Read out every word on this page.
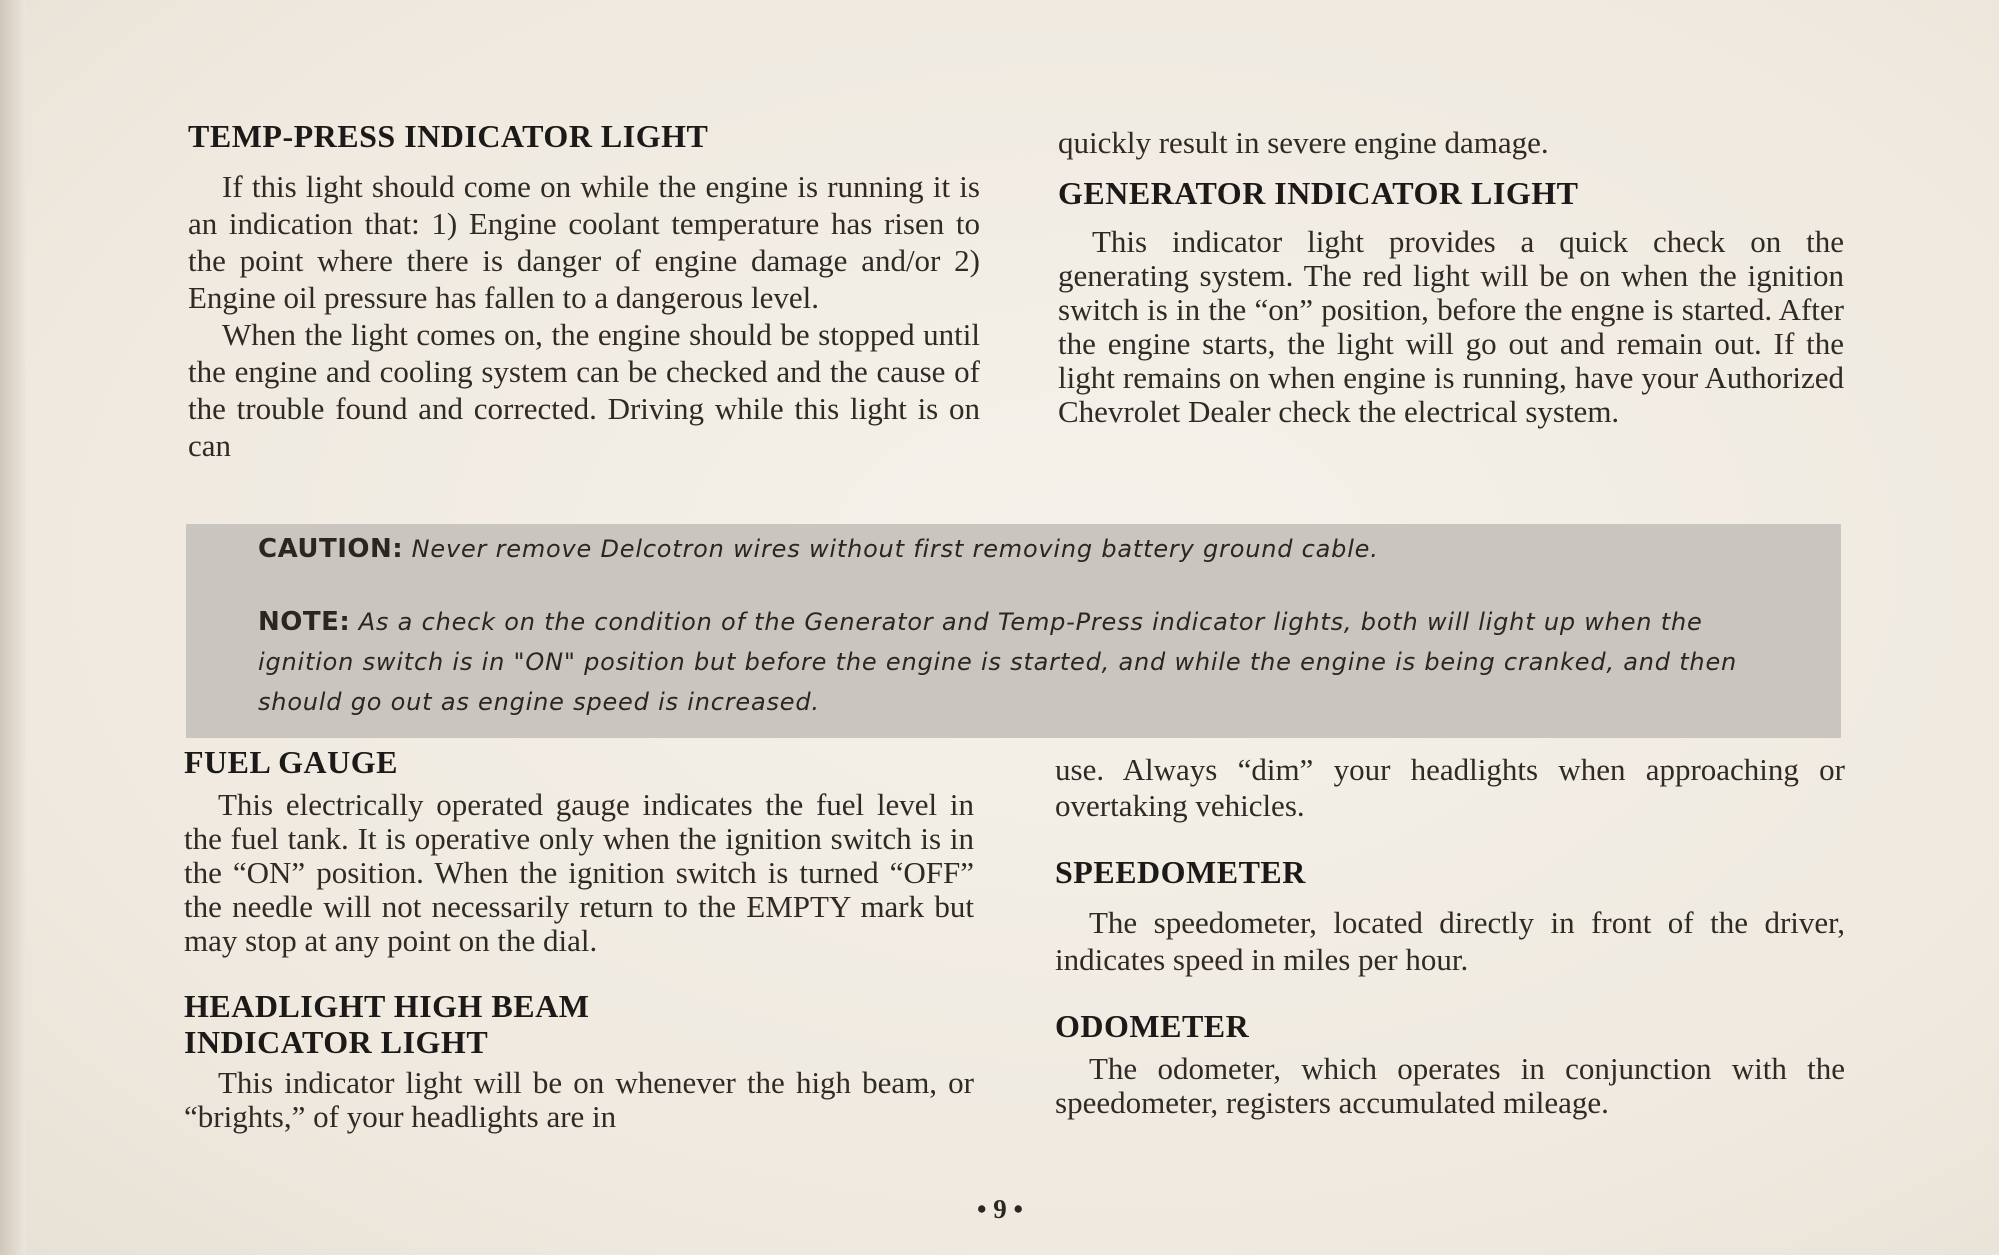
TEMP-PRESS INDICATOR LIGHT

If this light should come on while the engine is running it is an indication that: 1) Engine coolant temperature has risen to the point where there is danger of engine damage and/or 2) Engine oil pressure has fallen to a dangerous level.

When the light comes on, the engine should be stopped until the engine and cooling system can be checked and the cause of the trouble found and corrected. Driving while this light is on can

quickly result in severe engine damage.

GENERATOR INDICATOR LIGHT

This indicator light provides a quick check on the generating system. The red light will be on when the ignition switch is in the “on” position, before the engne is started. After the engine starts, the light will go out and remain out. If the light remains on when engine is running, have your Authorized Chevrolet Dealer check the electrical system.

CAUTION: Never remove Delcotron wires without first removing battery ground cable.
NOTE: As a check on the condition of the Generator and Temp-Press indicator lights, both will light up when the ignition switch is in "ON" position but before the engine is started, and while the engine is being cranked, and then should go out as engine speed is increased.
FUEL GAUGE

This electrically operated gauge indicates the fuel level in the fuel tank. It is operative only when the ignition switch is in the “ON” position. When the ignition switch is turned “OFF” the needle will not necessarily return to the EMPTY mark but may stop at any point on the dial.

HEADLIGHT HIGH BEAM
INDICATOR LIGHT

This indicator light will be on whenever the high beam, or “brights,” of your headlights are in

use. Always “dim” your headlights when approaching or overtaking vehicles.

SPEEDOMETER

The speedometer, located directly in front of the driver, indicates speed in miles per hour.

ODOMETER

The odometer, which operates in conjunction with the speedometer, registers accumulated mileage.

• 9 •
